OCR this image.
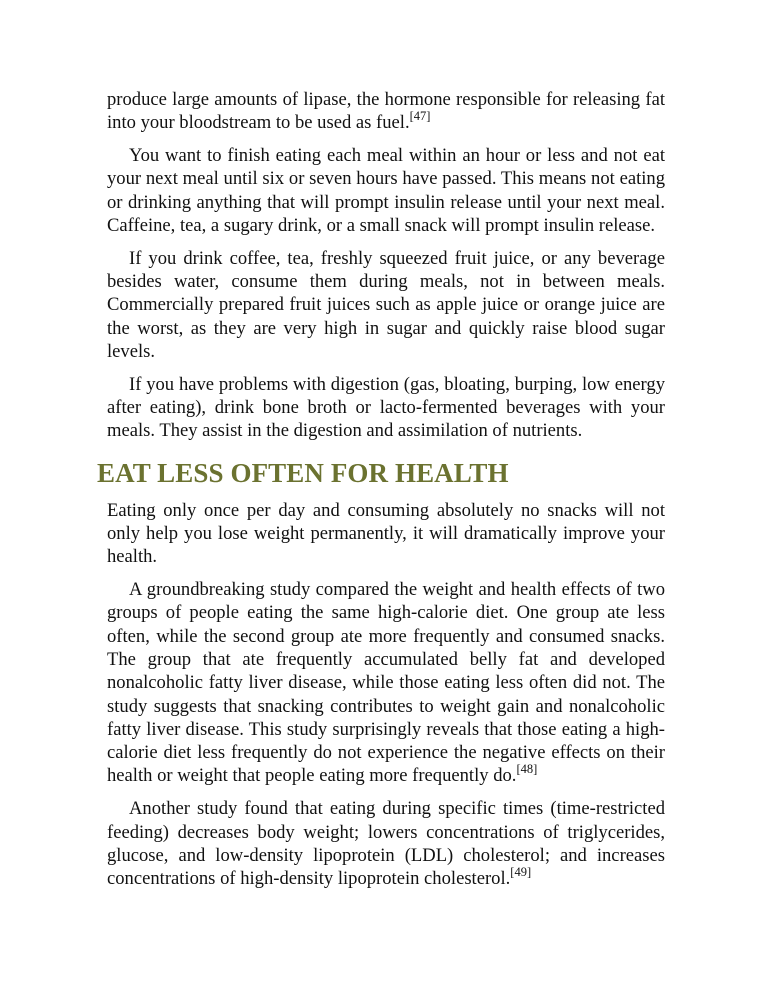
produce large amounts of lipase, the hormone responsible for releasing fat into your bloodstream to be used as fuel.[47]

You want to finish eating each meal within an hour or less and not eat your next meal until six or seven hours have passed. This means not eating or drinking anything that will prompt insulin release until your next meal. Caffeine, tea, a sugary drink, or a small snack will prompt insulin release.

If you drink coffee, tea, freshly squeezed fruit juice, or any beverage besides water, consume them during meals, not in between meals. Commercially prepared fruit juices such as apple juice or orange juice are the worst, as they are very high in sugar and quickly raise blood sugar levels.

If you have problems with digestion (gas, bloating, burping, low energy after eating), drink bone broth or lacto-fermented beverages with your meals. They assist in the digestion and assimilation of nutrients.

EAT LESS OFTEN FOR HEALTH

Eating only once per day and consuming absolutely no snacks will not only help you lose weight permanently, it will dramatically improve your health.

A groundbreaking study compared the weight and health effects of two groups of people eating the same high-calorie diet. One group ate less often, while the second group ate more frequently and consumed snacks. The group that ate frequently accumulated belly fat and developed nonalcoholic fatty liver disease, while those eating less often did not. The study suggests that snacking contributes to weight gain and nonalcoholic fatty liver disease. This study surprisingly reveals that those eating a high-calorie diet less frequently do not experience the negative effects on their health or weight that people eating more frequently do.[48]

Another study found that eating during specific times (time-restricted feeding) decreases body weight; lowers concentrations of triglycerides, glucose, and low-density lipoprotein (LDL) cholesterol; and increases concentrations of high-density lipoprotein cholesterol.[49]
